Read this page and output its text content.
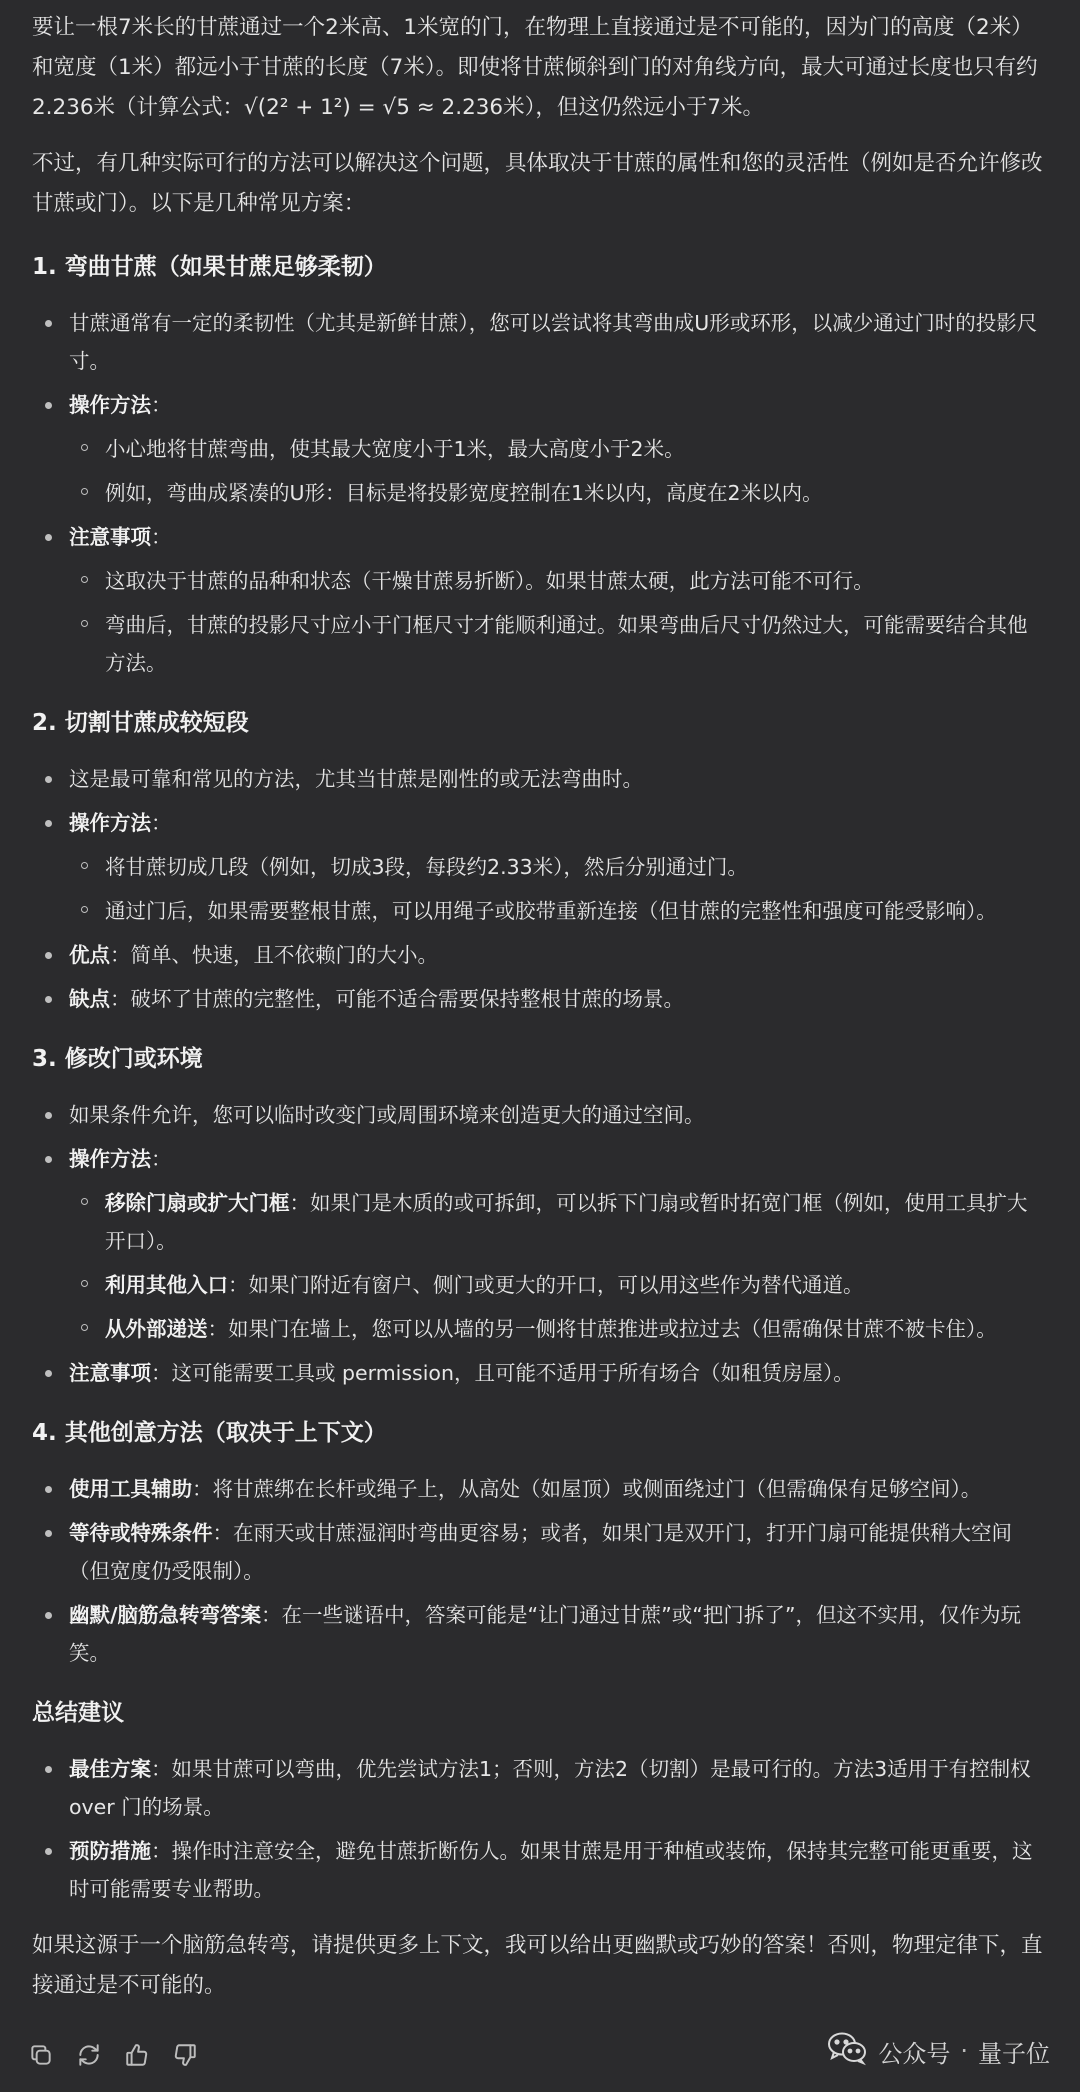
要让一根7米长的甘蔗通过一个2米高、1米宽的门，在物理上直接通过是不可能的，因为门的高度（2米）和宽度（1米）都远小于甘蔗的长度（7米）。即使将甘蔗倾斜到门的对角线方向，最大可通过长度也只有约2.236米（计算公式：√(2² + 1²) = √5 ≈ 2.236米），但这仍然远小于7米。

不过，有几种实际可行的方法可以解决这个问题，具体取决于甘蔗的属性和您的灵活性（例如是否允许修改甘蔗或门）。以下是几种常见方案：

1. 弯曲甘蔗（如果甘蔗足够柔韧）
甘蔗通常有一定的柔韧性（尤其是新鲜甘蔗），您可以尝试将其弯曲成U形或环形，以减少通过门时的投影尺寸。
操作方法：
小心地将甘蔗弯曲，使其最大宽度小于1米，最大高度小于2米。
例如，弯曲成紧凑的U形：目标是将投影宽度控制在1米以内，高度在2米以内。
注意事项：
这取决于甘蔗的品种和状态（干燥甘蔗易折断）。如果甘蔗太硬，此方法可能不可行。
弯曲后，甘蔗的投影尺寸应小于门框尺寸才能顺利通过。如果弯曲后尺寸仍然过大，可能需要结合其他方法。
2. 切割甘蔗成较短段
这是最可靠和常见的方法，尤其当甘蔗是刚性的或无法弯曲时。
操作方法：
将甘蔗切成几段（例如，切成3段，每段约2.33米），然后分别通过门。
通过门后，如果需要整根甘蔗，可以用绳子或胶带重新连接（但甘蔗的完整性和强度可能受影响）。
优点：简单、快速，且不依赖门的大小。
缺点：破坏了甘蔗的完整性，可能不适合需要保持整根甘蔗的场景。
3. 修改门或环境
如果条件允许，您可以临时改变门或周围环境来创造更大的通过空间。
操作方法：
移除门扇或扩大门框：如果门是木质的或可拆卸，可以拆下门扇或暂时拓宽门框（例如，使用工具扩大开口）。
利用其他入口：如果门附近有窗户、侧门或更大的开口，可以用这些作为替代通道。
从外部递送：如果门在墙上，您可以从墙的另一侧将甘蔗推进或拉过去（但需确保甘蔗不被卡住）。
注意事项：这可能需要工具或 permission，且可能不适用于所有场合（如租赁房屋）。
4. 其他创意方法（取决于上下文）
使用工具辅助：将甘蔗绑在长杆或绳子上，从高处（如屋顶）或侧面绕过门（但需确保有足够空间）。
等待或特殊条件：在雨天或甘蔗湿润时弯曲更容易；或者，如果门是双开门，打开门扇可能提供稍大空间（但宽度仍受限制）。
幽默/脑筋急转弯答案：在一些谜语中，答案可能是“让门通过甘蔗”或“把门拆了”，但这不实用，仅作为玩笑。
总结建议
最佳方案：如果甘蔗可以弯曲，优先尝试方法1；否则，方法2（切割）是最可行的。方法3适用于有控制权 over 门的场景。
预防措施：操作时注意安全，避免甘蔗折断伤人。如果甘蔗是用于种植或装饰，保持其完整可能更重要，这时可能需要专业帮助。

如果这源于一个脑筋急转弯，请提供更多上下文，我可以给出更幽默或巧妙的答案！否则，物理定律下，直接通过是不可能的。

公众号 · 量子位
